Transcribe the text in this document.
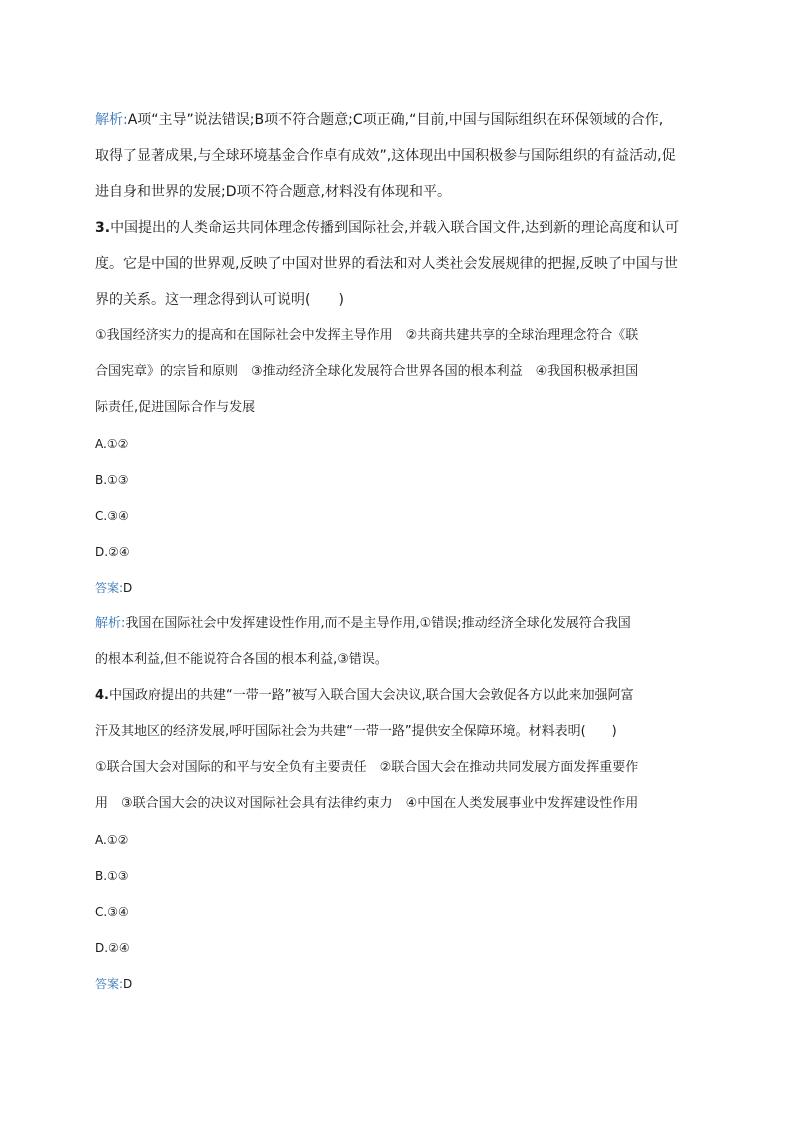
解析:A项“主导”说法错误;B项不符合题意;C项正确,“目前,中国与国际组织在环保领域的合作,
取得了显著成果,与全球环境基金合作卓有成效”,这体现出中国积极参与国际组织的有益活动,促
进自身和世界的发展;D项不符合题意,材料没有体现和平。
3.中国提出的人类命运共同体理念传播到国际社会,并载入联合国文件,达到新的理论高度和认可
度。它是中国的世界观,反映了中国对世界的看法和对人类社会发展规律的把握,反映了中国与世
界的关系。这一理念得到认可说明(　　)
①我国经济实力的提高和在国际社会中发挥主导作用　②共商共建共享的全球治理理念符合《联
合国宪章》的宗旨和原则　③推动经济全球化发展符合世界各国的根本利益　④我国积极承担国
际责任,促进国际合作与发展
A.①②
B.①③
C.③④
D.②④
答案:D
解析:我国在国际社会中发挥建设性作用,而不是主导作用,①错误;推动经济全球化发展符合我国
的根本利益,但不能说符合各国的根本利益,③错误。
4.中国政府提出的共建“一带一路”被写入联合国大会决议,联合国大会敦促各方以此来加强阿富
汗及其地区的经济发展,呼吁国际社会为共建“一带一路”提供安全保障环境。材料表明(　　)
①联合国大会对国际的和平与安全负有主要责任　②联合国大会在推动共同发展方面发挥重要作
用　③联合国大会的决议对国际社会具有法律约束力　④中国在人类发展事业中发挥建设性作用
A.①②
B.①③
C.③④
D.②④
答案:D
